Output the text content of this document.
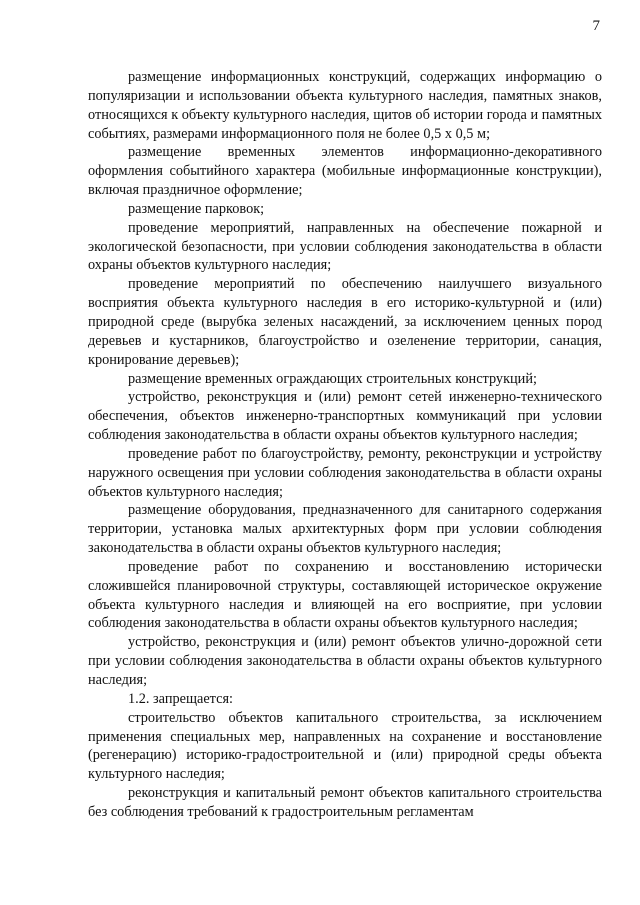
7

размещение информационных конструкций, содержащих информацию о популяризации и использовании объекта культурного наследия, памятных знаков, относящихся к объекту культурного наследия, щитов об истории города и памятных событиях, размерами информационного поля не более 0,5 х 0,5 м;

размещение временных элементов информационно-декоративного оформления событийного характера (мобильные информационные конструкции), включая праздничное оформление;

размещение парковок;

проведение мероприятий, направленных на обеспечение пожарной и экологической безопасности, при условии соблюдения законодательства в области охраны объектов культурного наследия;

проведение мероприятий по обеспечению наилучшего визуального восприятия объекта культурного наследия в его историко-культурной и (или) природной среде (вырубка зеленых насаждений, за исключением ценных пород деревьев и кустарников, благоустройство и озеленение территории, санация, кронирование деревьев);

размещение временных ограждающих строительных конструкций;

устройство, реконструкция и (или) ремонт сетей инженерно-технического обеспечения, объектов инженерно-транспортных коммуникаций при условии соблюдения законодательства в области охраны объектов культурного наследия;

проведение работ по благоустройству, ремонту, реконструкции и устройству наружного освещения при условии соблюдения законодательства в области охраны объектов культурного наследия;

размещение оборудования, предназначенного для санитарного содержания территории, установка малых архитектурных форм при условии соблюдения законодательства в области охраны объектов культурного наследия;

проведение работ по сохранению и восстановлению исторически сложившейся планировочной структуры, составляющей историческое окружение объекта культурного наследия и влияющей на его восприятие, при условии соблюдения законодательства в области охраны объектов культурного наследия;

устройство, реконструкция и (или) ремонт объектов улично-дорожной сети при условии соблюдения законодательства в области охраны объектов культурного наследия;

1.2. запрещается:

строительство объектов капитального строительства, за исключением применения специальных мер, направленных на сохранение и восстановление (регенерацию) историко-градостроительной и (или) природной среды объекта культурного наследия;

реконструкция и капитальный ремонт объектов капитального строительства без соблюдения требований к градостроительным регламентам
